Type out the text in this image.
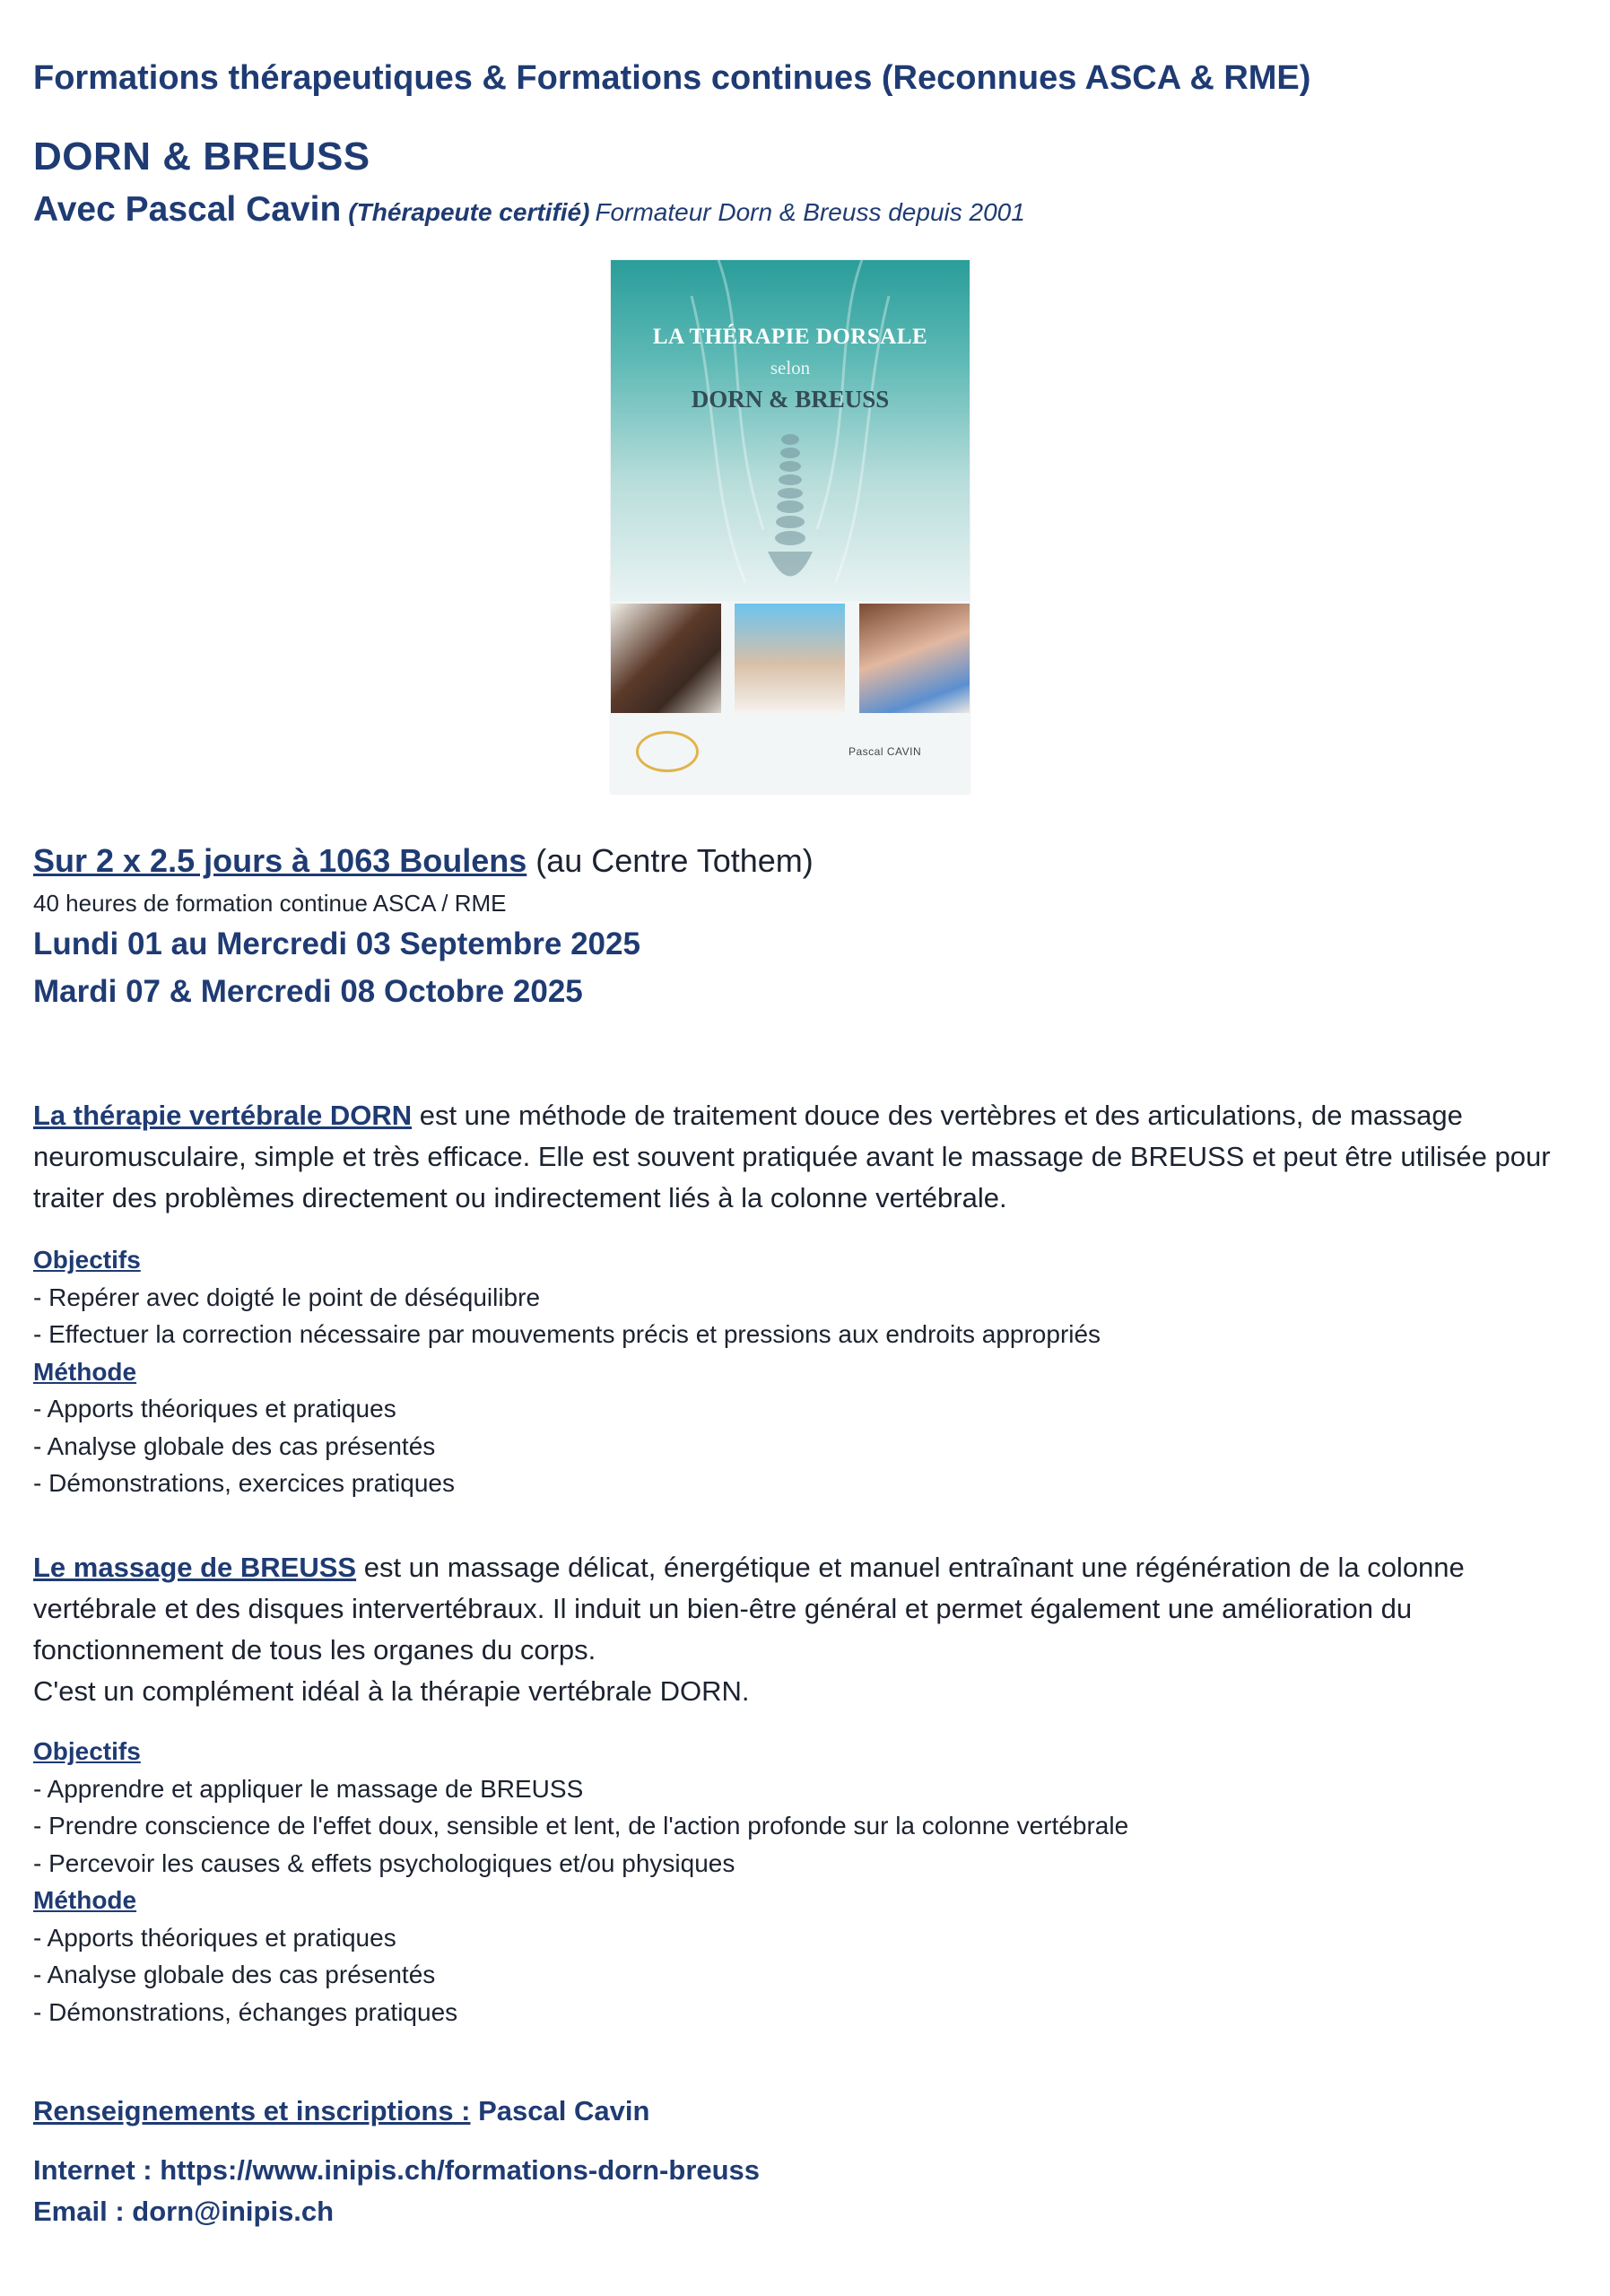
Formations thérapeutiques & Formations continues (Reconnues ASCA & RME)
DORN & BREUSS
Avec Pascal Cavin (Thérapeute certifié) Formateur Dorn & Breuss depuis 2001
LA THÉRAPIE DORSALE
selon
DORN & BREUSS
Pascal CAVIN
Sur 2 x 2.5 jours à 1063 Boulens (au Centre Tothem)
40 heures de formation continue ASCA / RME
Lundi 01 au Mercredi 03 Septembre 2025
Mardi 07 & Mercredi 08 Octobre 2025
La thérapie vertébrale DORN est une méthode de traitement douce des vertèbres et des articulations, de massage neuromusculaire, simple et très efficace. Elle est souvent pratiquée avant le massage de BREUSS et peut être utilisée pour traiter des problèmes directement ou indirectement liés à la colonne vertébrale.
Objectifs
- Repérer avec doigté le point de déséquilibre
- Effectuer la correction nécessaire par mouvements précis et pressions aux endroits appropriés
Méthode
- Apports théoriques et pratiques
- Analyse globale des cas présentés
- Démonstrations, exercices pratiques
Le massage de BREUSS est un massage délicat, énergétique et manuel entraînant une régénération de la colonne vertébrale et des disques intervertébraux. Il induit un bien-être général et permet également une amélioration du fonctionnement de tous les organes du corps.
C'est un complément idéal à la thérapie vertébrale DORN.
Objectifs
- Apprendre et appliquer le massage de BREUSS
- Prendre conscience de l'effet doux, sensible et lent, de l'action profonde sur la colonne vertébrale
- Percevoir les causes & effets psychologiques et/ou physiques
Méthode
- Apports théoriques et pratiques
- Analyse globale des cas présentés
- Démonstrations, échanges pratiques
Renseignements et inscriptions : Pascal Cavin
Internet : https://www.inipis.ch/formations-dorn-breuss
Email : dorn@inipis.ch
